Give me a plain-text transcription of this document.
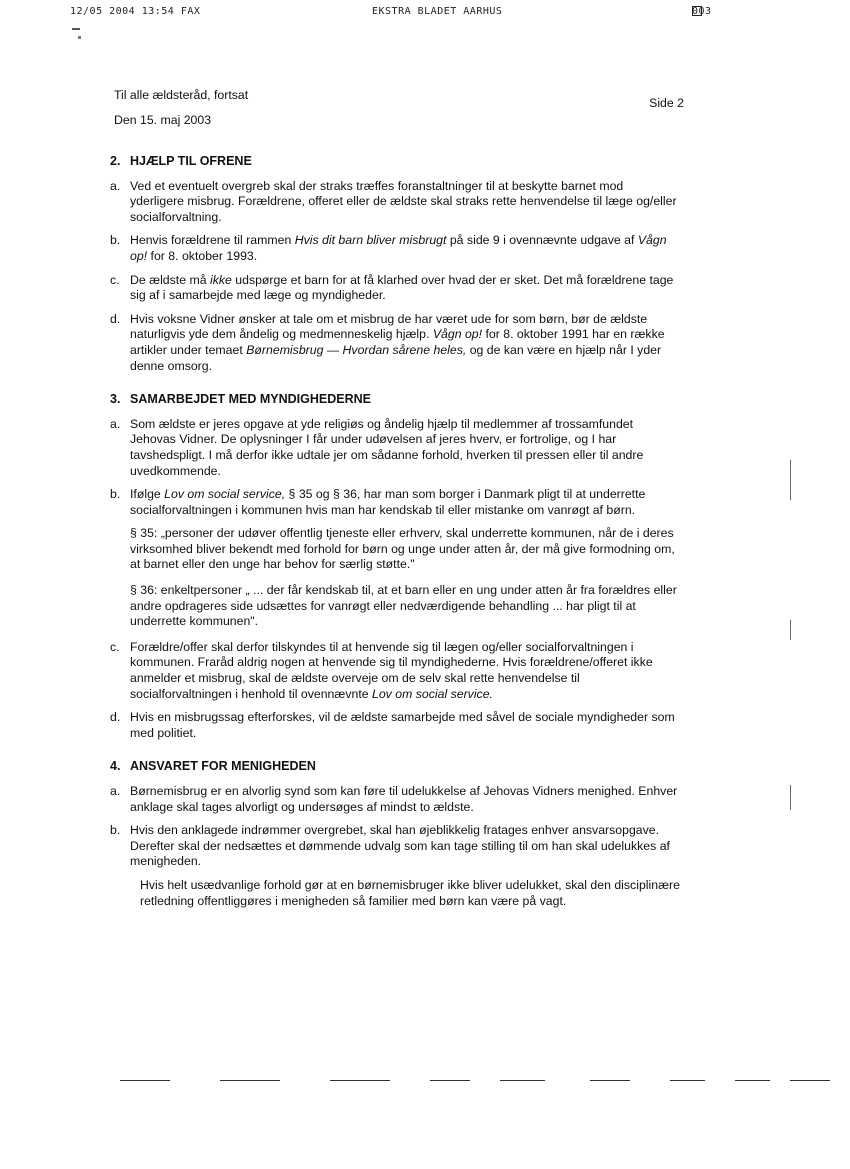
12/05 2004 13:54 FAX	EKSTRA BLADET AARHUS	003
Til alle ældsteråd, fortsat
Den 15. maj 2003
Side 2
2. HJÆLP TIL OFRENE
a. Ved et eventuelt overgreb skal der straks træffes foranstaltninger til at beskytte barnet mod yderligere misbrug. Forældrene, offeret eller de ældste skal straks rette henvendelse til læge og/eller socialforvaltning.
b. Henvis forældrene til rammen Hvis dit barn bliver misbrugt på side 9 i ovennævnte udgave af Vågn op! for 8. oktober 1993.
c. De ældste må ikke udspørge et barn for at få klarhed over hvad der er sket. Det må forældrene tage sig af i samarbejde med læge og myndigheder.
d. Hvis voksne Vidner ønsker at tale om et misbrug de har været ude for som børn, bør de ældste naturligvis yde dem åndelig og medmenneskelig hjælp. Vågn op! for 8. oktober 1991 har en række artikler under temaet Børnemisbrug — Hvordan sårene heles, og de kan være en hjælp når I yder denne omsorg.
3. SAMARBEJDET MED MYNDIGHEDERNE
a. Som ældste er jeres opgave at yde religiøs og åndelig hjælp til medlemmer af trossamfundet Jehovas Vidner. De oplysninger I får under udøvelsen af jeres hverv, er fortrolige, og I har tavshedspligt. I må derfor ikke udtale jer om sådanne forhold, hverken til pressen eller til andre uvedkommende.
b. Ifølge Lov om social service, § 35 og § 36, har man som borger i Danmark pligt til at underrette socialforvaltningen i kommunen hvis man har kendskab til eller mistanke om vanrøgt af børn.
§ 35: „personer der udøver offentlig tjeneste eller erhverv, skal underrette kommunen, når de i deres virksomhed bliver bekendt med forhold for børn og unge under atten år, der må give formodning om, at barnet eller den unge har behov for særlig støtte."
§ 36: enkeltpersoner „ ... der får kendskab til, at et barn eller en ung under atten år fra forældres eller andre opdrageres side udsættes for vanrøgt eller nedværdigende behandling ... har pligt til at underrette kommunen".
c. Forældre/offer skal derfor tilskyndes til at henvende sig til lægen og/eller socialforvaltningen i kommunen. Fraråd aldrig nogen at henvende sig til myndighederne. Hvis forældrene/offeret ikke anmelder et misbrug, skal de ældste overveje om de selv skal rette henvendelse til socialforvaltningen i henhold til ovennævnte Lov om social service.
d. Hvis en misbrugssag efterforskes, vil de ældste samarbejde med såvel de sociale myndigheder som med politiet.
4. ANSVARET FOR MENIGHEDEN
a. Børnemisbrug er en alvorlig synd som kan føre til udelukkelse af Jehovas Vidners menighed. Enhver anklage skal tages alvorligt og undersøges af mindst to ældste.
b. Hvis den anklagede indrømmer overgrebet, skal han øjeblikkelig fratages enhver ansvarsopgave. Derefter skal der nedsættes et dømmende udvalg som kan tage stilling til om han skal udelukkes af menigheden.
Hvis helt usædvanlige forhold gør at en børnemisbruger ikke bliver udelukket, skal den disciplinære retledning offentliggøres i menigheden så familier med børn kan være på vagt.
